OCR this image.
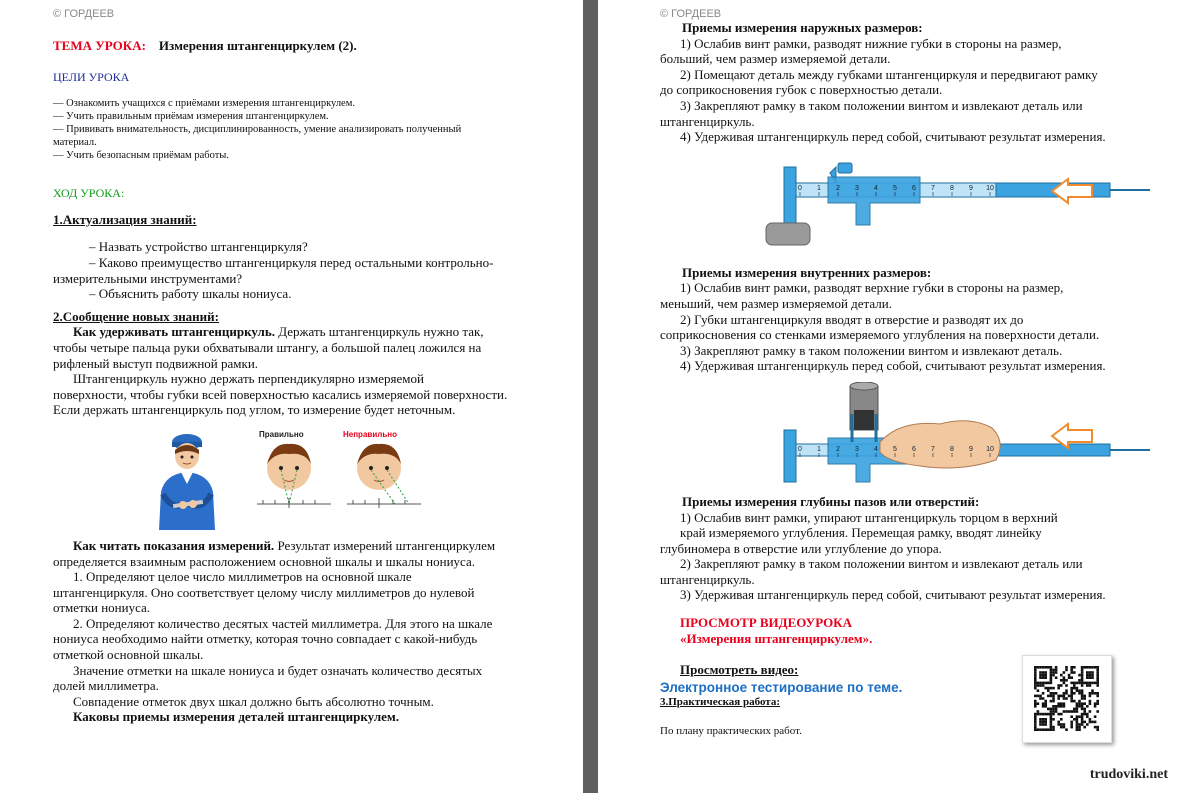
© ГОРДЕЕВ
ТЕМА УРОКА: Измерения штангенциркулем (2).
ЦЕЛИ УРОКА
— Ознакомить учащихся с приёмами измерения штангенциркулем.
— Учить правильным приёмам измерения штангенциркулем.
— Прививать внимательность, дисциплинированность, умение анализировать полученный
материал.
— Учить безопасным приёмам работы.
ХОД УРОКА:
1.Актуализация знаний:
– Назвать устройство штангенциркуля?
– Каково преимущество штангенциркуля перед остальными контрольно-
измерительными инструментами?
– Объяснить работу шкалы нониуса.
2.Сообщение новых знаний:
Как удерживать штангенциркуль. Держать штангенциркуль нужно так,
чтобы четыре пальца руки обхватывали штангу, а большой палец ложился на
рифленый выступ подвижной рамки.
Штангенциркуль нужно держать перпендикулярно измеряемой
поверхности, чтобы губки всей поверхностью касались измеряемой поверхности.
Если держать штангенциркуль под углом, то измерение будет неточным.
Правильно	Неправильно
Как читать показания измерений. Результат измерений штангенциркулем
определяется взаимным расположением основной шкалы и шкалы нониуса.
1. Определяют целое число миллиметров на основной шкале
штангенциркуля. Оно соответствует целому числу миллиметров до нулевой
отметки нониуса.
2. Определяют количество десятых частей миллиметра. Для этого на шкале
нониуса необходимо найти отметку, которая точно совпадает с какой-нибудь
отметкой основной шкалы.
Значение отметки на шкале нониуса и будет означать количество десятых
долей миллиметра.
Совпадение отметок двух шкал должно быть абсолютно точным.
Каковы приемы измерения деталей штангенциркулем.
© ГОРДЕЕВ
Приемы измерения наружных размеров:
1) Ослабив винт рамки, разводят нижние губки в стороны на размер,
больший, чем размер измеряемой детали.
2) Помещают деталь между губками штангенциркуля и передвигают рамку
до соприкосновения губок с поверхностью детали.
3) Закрепляют рамку в таком положении винтом и извлекают деталь или
штангенциркуль.
4) Удерживая штангенциркуль перед собой, считывают результат измерения.
0 1 2 3 4 5 6 7 8 9 10
Приемы измерения внутренних размеров:
1) Ослабив винт рамки, разводят верхние губки в стороны на размер,
меньший, чем размер измеряемой детали.
2) Губки штангенциркуля вводят в отверстие и разводят их до
соприкосновения со стенками измеряемого углубления на поверхности детали.
3) Закрепляют рамку в таком положении винтом и извлекают деталь.
4) Удерживая штангенциркуль перед собой, считывают результат измерения.
0 1 2 3 4 5 6 7 8 9 10
Приемы измерения глубины пазов или отверстий:
1) Ослабив винт рамки, упирают штангенциркуль торцом в верхний
край измеряемого углубления. Перемещая рамку, вводят линейку
глубиномера в отверстие или углубление до упора.
2) Закрепляют рамку в таком положении винтом и извлекают деталь или
штангенциркуль.
3) Удерживая штангенциркуль перед собой, считывают результат измерения.
ПРОСМОТР ВИДЕОУРОКА
«Измерения штангенциркулем».
Просмотреть видео:
Электронное тестирование по теме.
3.Практическая работа:
По плану практических работ.
trudoviki.net
